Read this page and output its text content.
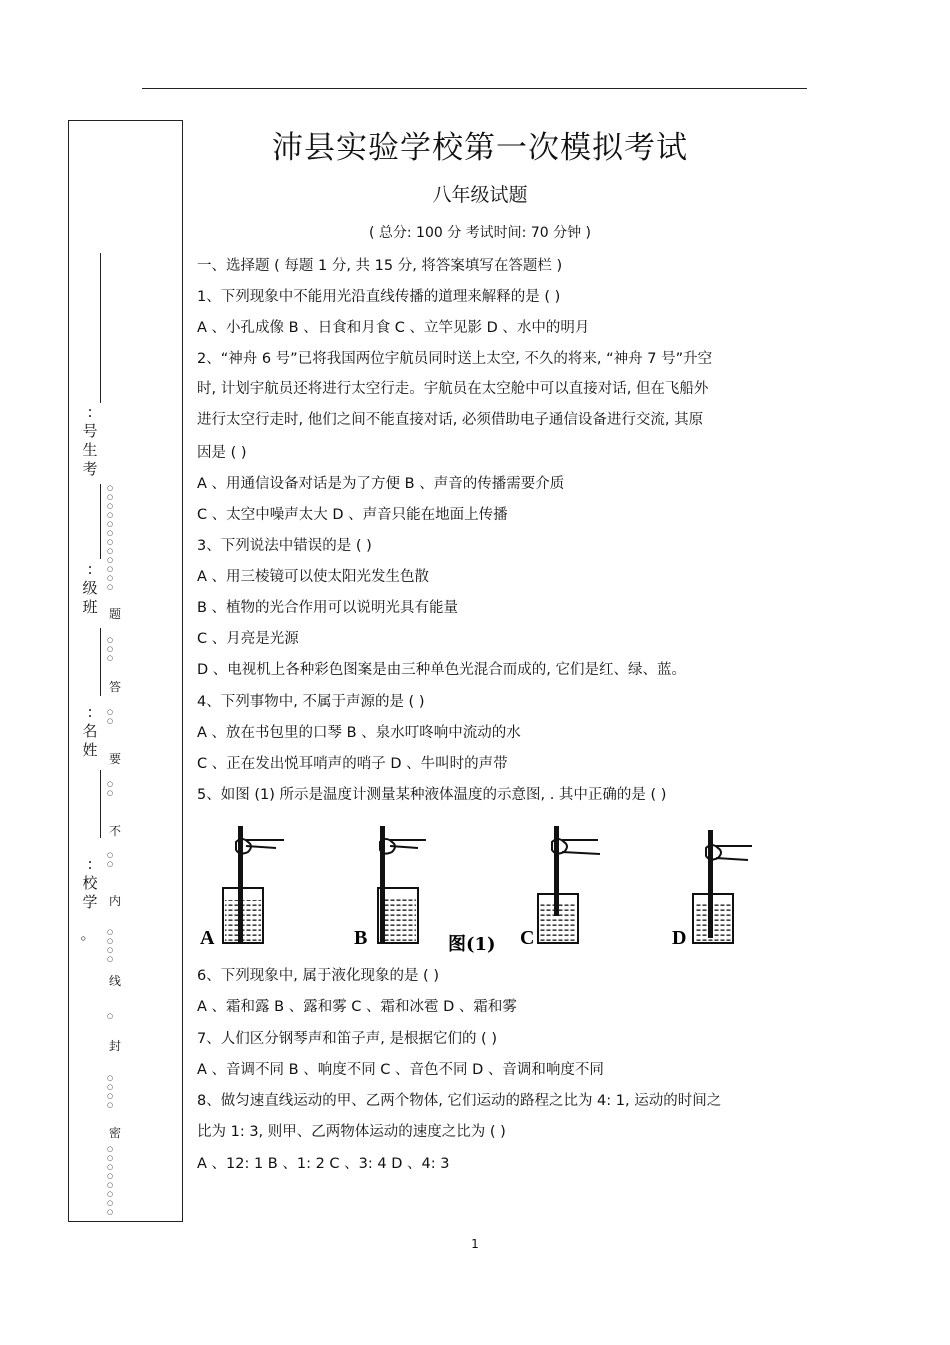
:号生考
:级班
:名姓
:校学
。
○
○
○
○
○
○
○
○
○
○
○
○
○
○
○
○
○
○
○
○
○
○
○
○
○
○
○
○
○
○
○
○
○
○
○
○
○
○
题
答
要
不
内
线
封
密
沛县实验学校第一次模拟考试
八年级试题
( 总分: 100 分 考试时间: 70 分钟 )
一、选择题 ( 每题 1 分, 共 15 分, 将答案填写在答题栏 )
1、下列现象中不能用光沿直线传播的道理来解释的是 ( )
A 、小孔成像 B 、日食和月食 C 、立竿见影 D 、水中的明月
2、“神舟 6 号”已将我国两位宇航员同时送上太空, 不久的将来, “神舟 7 号”升空
时, 计划宇航员还将进行太空行走。宇航员在太空舱中可以直接对话, 但在飞船外
进行太空行走时, 他们之间不能直接对话, 必须借助电子通信设备进行交流, 其原
因是 ( )
A 、用通信设备对话是为了方便 B 、声音的传播需要介质
C 、太空中噪声太大 D 、声音只能在地面上传播
3、下列说法中错误的是 ( )
A 、用三棱镜可以使太阳光发生色散
B 、植物的光合作用可以说明光具有能量
C 、月亮是光源
D 、电视机上各种彩色图案是由三种单色光混合而成的, 它们是红、绿、蓝。
4、下列事物中, 不属于声源的是 ( )
A 、放在书包里的口琴 B 、泉水叮咚响中流动的水
C 、正在发出悦耳哨声的哨子 D 、牛叫时的声带
5、如图 (1) 所示是温度计测量某种液体温度的示意图, . 其中正确的是 ( )
A	B	C	D
图(1)
6、下列现象中, 属于液化现象的是 ( )
A 、霜和露 B 、露和雾 C 、霜和冰雹 D 、霜和雾
7、人们区分钢琴声和笛子声, 是根据它们的 ( )
A 、音调不同 B 、响度不同 C 、音色不同 D 、音调和响度不同
8、做匀速直线运动的甲、乙两个物体, 它们运动的路程之比为 4: 1, 运动的时间之
比为 1: 3, 则甲、乙两物体运动的速度之比为 ( )
A 、12: 1 B 、1: 2 C 、3: 4 D 、4: 3
1
